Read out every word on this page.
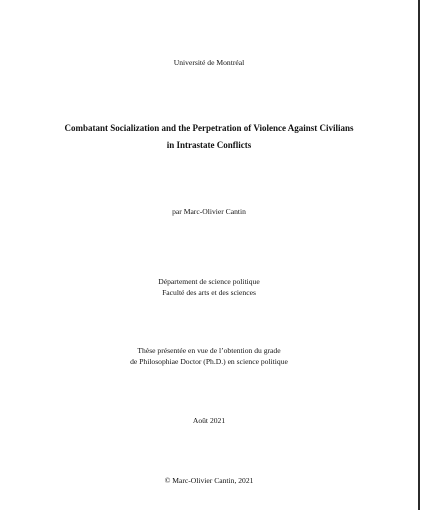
Université de Montréal
Combatant Socialization and the Perpetration of Violence Against Civilians
in Intrastate Conflicts
par Marc-Olivier Cantin
Département de science politique
Faculté des arts et des sciences
Thèse présentée en vue de l’obtention du grade
de Philosophiae Doctor (Ph.D.) en science politique
Août 2021
© Marc-Olivier Cantin, 2021
